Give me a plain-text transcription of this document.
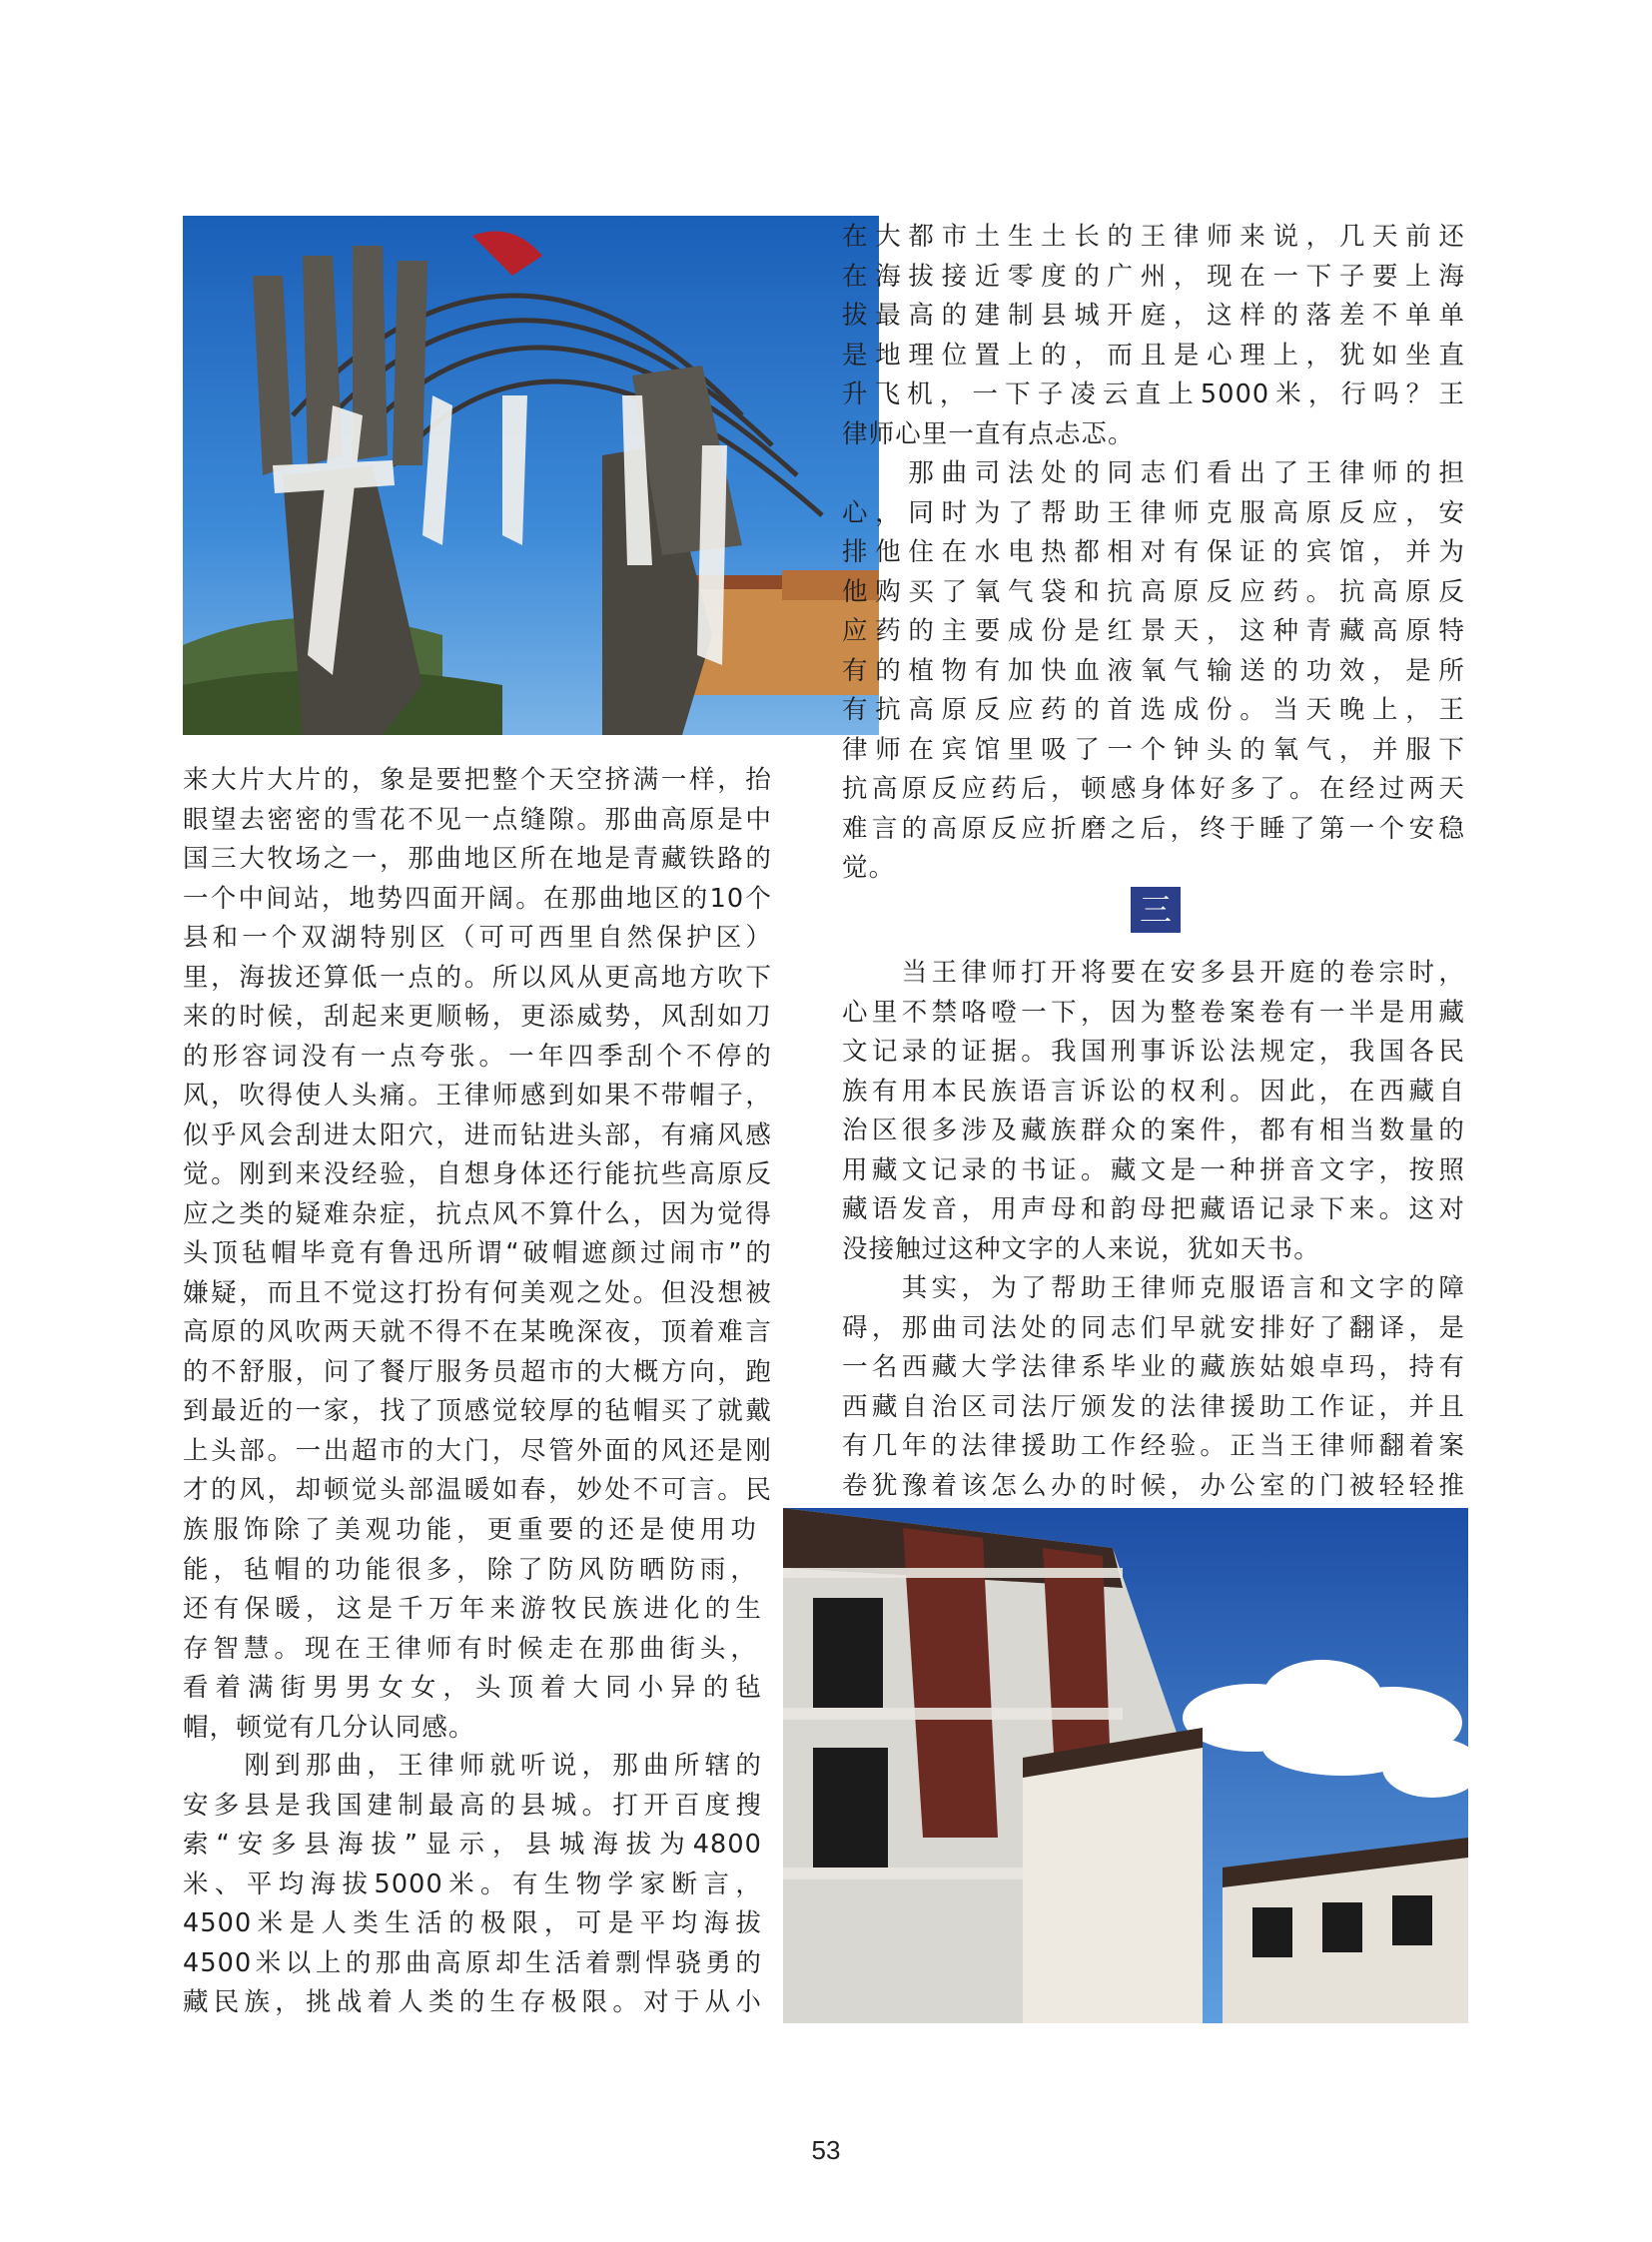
在大都市土生土长的王律师来说，几天前还
在海拔接近零度的广州，现在一下子要上海
拔最高的建制县城开庭，这样的落差不单单
是地理位置上的，而且是心理上，犹如坐直
升飞机，一下子凌云直上5000米，行吗？王
律师心里一直有点忐忑。
　　那曲司法处的同志们看出了王律师的担
心，同时为了帮助王律师克服高原反应，安
排他住在水电热都相对有保证的宾馆，并为
他购买了氧气袋和抗高原反应药。抗高原反
应药的主要成份是红景天，这种青藏高原特
有的植物有加快血液氧气输送的功效，是所
有抗高原反应药的首选成份。当天晚上，王
律师在宾馆里吸了一个钟头的氧气，并服下
抗高原反应药后，顿感身体好多了。在经过两天
难言的高原反应折磨之后，终于睡了第一个安稳
觉。
三
　　当王律师打开将要在安多县开庭的卷宗时，
心里不禁咯噔一下，因为整卷案卷有一半是用藏
文记录的证据。我国刑事诉讼法规定，我国各民
族有用本民族语言诉讼的权利。因此，在西藏自
治区很多涉及藏族群众的案件，都有相当数量的
用藏文记录的书证。藏文是一种拼音文字，按照
藏语发音，用声母和韵母把藏语记录下来。这对
没接触过这种文字的人来说，犹如天书。
　　其实，为了帮助王律师克服语言和文字的障
碍，那曲司法处的同志们早就安排好了翻译，是
一名西藏大学法律系毕业的藏族姑娘卓玛，持有
西藏自治区司法厅颁发的法律援助工作证，并且
有几年的法律援助工作经验。正当王律师翻着案
卷犹豫着该怎么办的时候，办公室的门被轻轻推
来大片大片的，象是要把整个天空挤满一样，抬
眼望去密密的雪花不见一点缝隙。那曲高原是中
国三大牧场之一，那曲地区所在地是青藏铁路的
一个中间站，地势四面开阔。在那曲地区的10个
县和一个双湖特别区（可可西里自然保护区）
里，海拔还算低一点的。所以风从更高地方吹下
来的时候，刮起来更顺畅，更添威势，风刮如刀
的形容词没有一点夸张。一年四季刮个不停的
风，吹得使人头痛。王律师感到如果不带帽子，
似乎风会刮进太阳穴，进而钻进头部，有痛风感
觉。刚到来没经验，自想身体还行能抗些高原反
应之类的疑难杂症，抗点风不算什么，因为觉得
头顶毡帽毕竟有鲁迅所谓“破帽遮颜过闹市”的
嫌疑，而且不觉这打扮有何美观之处。但没想被
高原的风吹两天就不得不在某晚深夜，顶着难言
的不舒服，问了餐厅服务员超市的大概方向，跑
到最近的一家，找了顶感觉较厚的毡帽买了就戴
上头部。一出超市的大门，尽管外面的风还是刚
才的风，却顿觉头部温暖如春，妙处不可言。民
族服饰除了美观功能，更重要的还是使用功
能，毡帽的功能很多，除了防风防晒防雨，
还有保暖，这是千万年来游牧民族进化的生
存智慧。现在王律师有时候走在那曲街头，
看着满街男男女女，头顶着大同小异的毡
帽，顿觉有几分认同感。
　　刚到那曲，王律师就听说，那曲所辖的
安多县是我国建制最高的县城。打开百度搜
索“安多县海拔”显示，县城海拔为4800
米、平均海拔5000米。有生物学家断言，
4500米是人类生活的极限，可是平均海拔
4500米以上的那曲高原却生活着剽悍骁勇的
藏民族，挑战着人类的生存极限。对于从小
53
